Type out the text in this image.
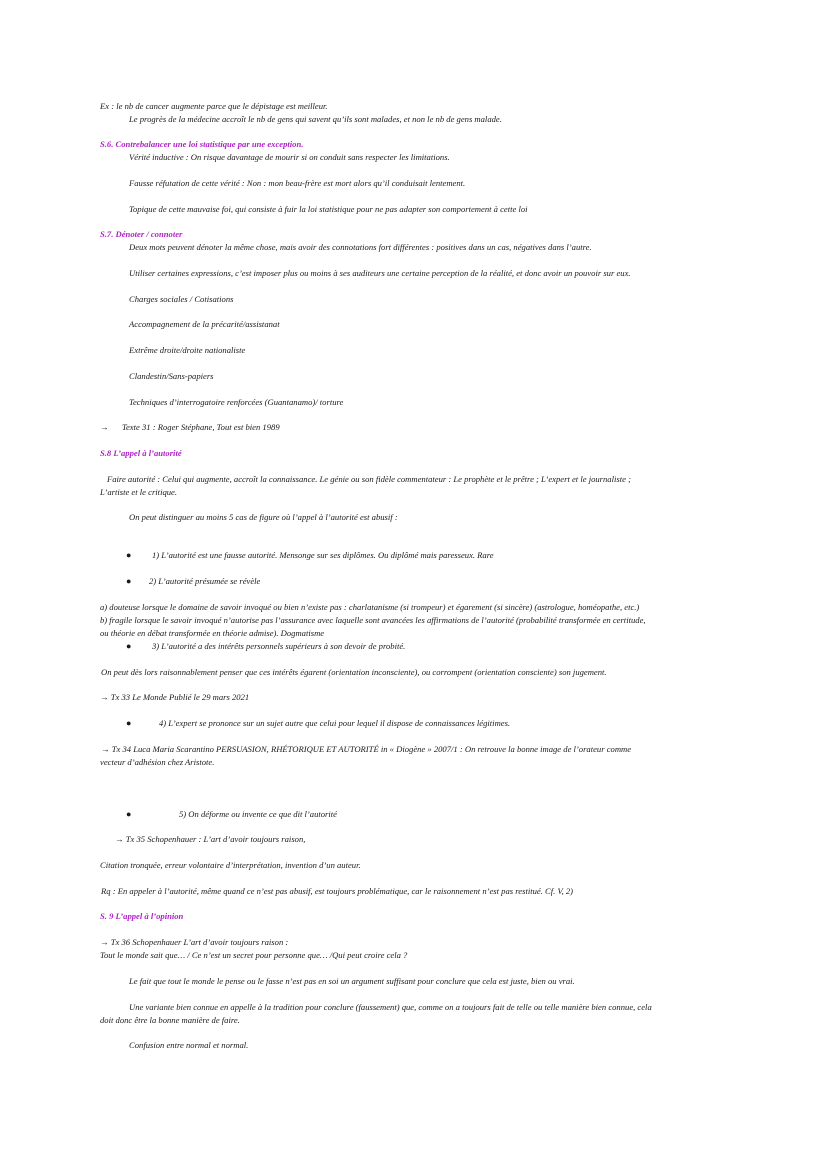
Ex : le nb de cancer augmente parce que le dépistage est meilleur.
Le progrès de la médecine accroît le nb de gens qui savent qu’ils sont malades, et non le nb de gens malade.
S.6. Contrebalancer une loi statistique par une exception.
Vérité inductive : On risque davantage de mourir si on conduit sans respecter les limitations.
Fausse réfutation de cette vérité : Non : mon beau-frère est mort alors qu’il conduisait lentement.
Topique de cette mauvaise foi, qui consiste à fuir la loi statistique pour ne pas adapter son comportement à cette loi
S.7. Dénoter / connoter
Deux mots peuvent dénoter la même chose, mais avoir des connotations fort différentes : positives dans un cas, négatives dans l’autre.
Utiliser certaines expressions, c’est imposer plus ou moins à ses auditeurs une certaine perception de la réalité, et donc avoir un pouvoir sur eux.
Charges sociales / Cotisations
Accompagnement de la précarité/assistanat
Extrême droite/droite nationaliste
Clandestin/Sans-papiers
Techniques d’interrogatoire renforcées (Guantanamo)/ torture
→ Texte 31 : Roger Stéphane, Tout est bien 1989
S.8 L’appel à l’autorité
Faire autorité : Celui qui augmente, accroît la connaissance. Le génie ou son fidèle commentateur : Le prophète et le prêtre ; L’expert et le journaliste ;
L’artiste et le critique.
On peut distinguer au moins 5 cas de figure où l’appel à l’autorité est abusif :
● 1) L’autorité est une fausse autorité. Mensonge sur ses diplômes. Ou diplômé mais paresseux. Rare
● 2) L’autorité présumée se révèle
a) douteuse lorsque le domaine de savoir invoqué ou bien n’existe pas : charlatanisme (si trompeur) et égarement (si sincère) (astrologue, homéopathe, etc.)
b) fragile lorsque le savoir invoqué n’autorise pas l’assurance avec laquelle sont avancées les affirmations de l’autorité (probabilité transformée en certitude,
ou théorie en débat transformée en théorie admise). Dogmatisme
● 3) L’autorité a des intérêts personnels supérieurs à son devoir de probité.
On peut dès lors raisonnablement penser que ces intérêts égarent (orientation inconsciente), ou corrompent (orientation consciente) son jugement.
→ Tx 33 Le Monde Publié le 29 mars 2021
●	4) L’expert se prononce sur un sujet autre que celui pour lequel il dispose de connaissances légitimes.
→ Tx 34 Luca Maria Scarantino PERSUASION, RHÉTORIQUE ET AUTORITÉ in « Diogène » 2007/1 : On retrouve la bonne image de l’orateur comme
vecteur d’adhésion chez Aristote.
●	5) On déforme ou invente ce que dit l’autorité
→ Tx 35 Schopenhauer : L’art d’avoir toujours raison,
Citation tronquée, erreur volontaire d’interprétation, invention d’un auteur.
Rq : En appeler à l’autorité, même quand ce n’est pas abusif, est toujours problématique, car le raisonnement n’est pas restitué. Cf. V, 2)
S. 9 L’appel à l’opinion
→ Tx 36 Schopenhauer L’art d’avoir toujours raison :
Tout le monde sait que… / Ce n’est un secret pour personne que… /Qui peut croire cela ?
Le fait que tout le monde le pense ou le fasse n’est pas en soi un argument suffisant pour conclure que cela est juste, bien ou vrai.
Une variante bien connue en appelle à la tradition pour conclure (faussement) que, comme on a toujours fait de telle ou telle manière bien connue, cela
doit donc être la bonne manière de faire.
Confusion entre normal et normal.
